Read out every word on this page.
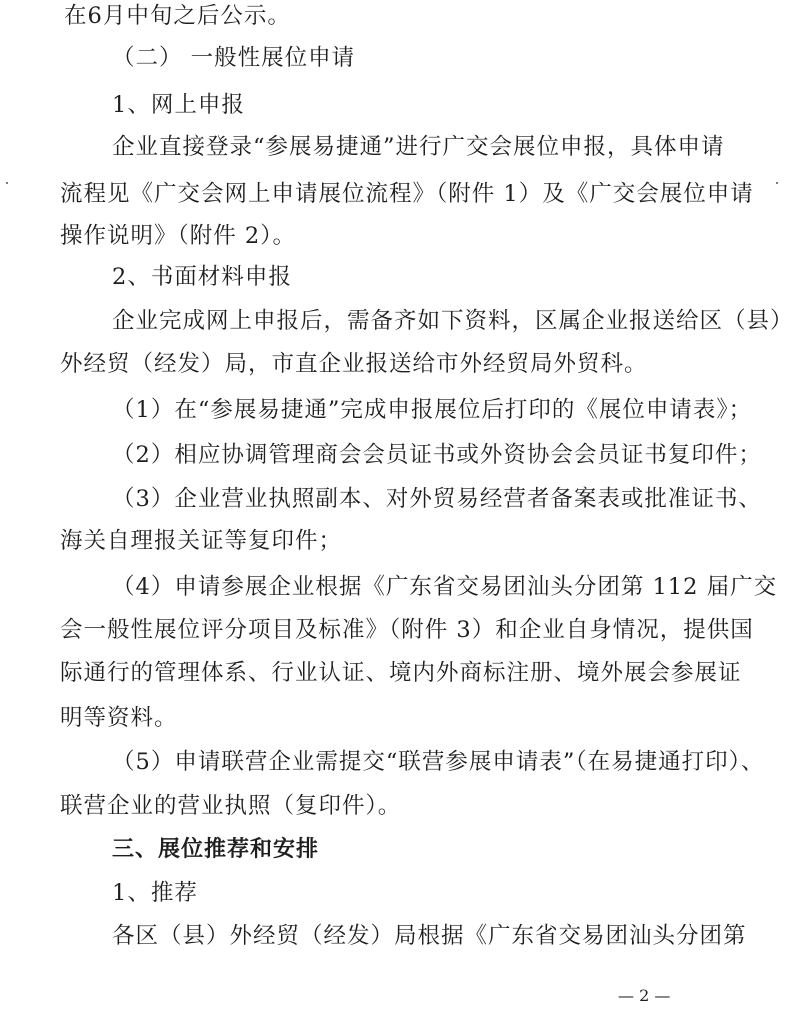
在6月中旬之后公示。
（二） 一般性展位申请
1、网上申报
企业直接登录“参展易捷通”进行广交会展位申报，具体申请
流程见《广交会网上申请展位流程》（附件 1）及《广交会展位申请
操作说明》（附件 2）。
2、书面材料申报
企业完成网上申报后，需备齐如下资料，区属企业报送给区（县）
外经贸（经发）局，市直企业报送给市外经贸局外贸科。
（1）在“参展易捷通”完成申报展位后打印的《展位申请表》；
（2）相应协调管理商会会员证书或外资协会会员证书复印件；
（3）企业营业执照副本、对外贸易经营者备案表或批准证书、
海关自理报关证等复印件；
（4）申请参展企业根据《广东省交易团汕头分团第 112 届广交
会一般性展位评分项目及标准》（附件 3）和企业自身情况，提供国
际通行的管理体系、行业认证、境内外商标注册、境外展会参展证
明等资料。
（5）申请联营企业需提交“联营参展申请表”（在易捷通打印）、
联营企业的营业执照（复印件）。
三、展位推荐和安排
1、推荐
各区（县）外经贸（经发）局根据《广东省交易团汕头分团第
— 2 —
